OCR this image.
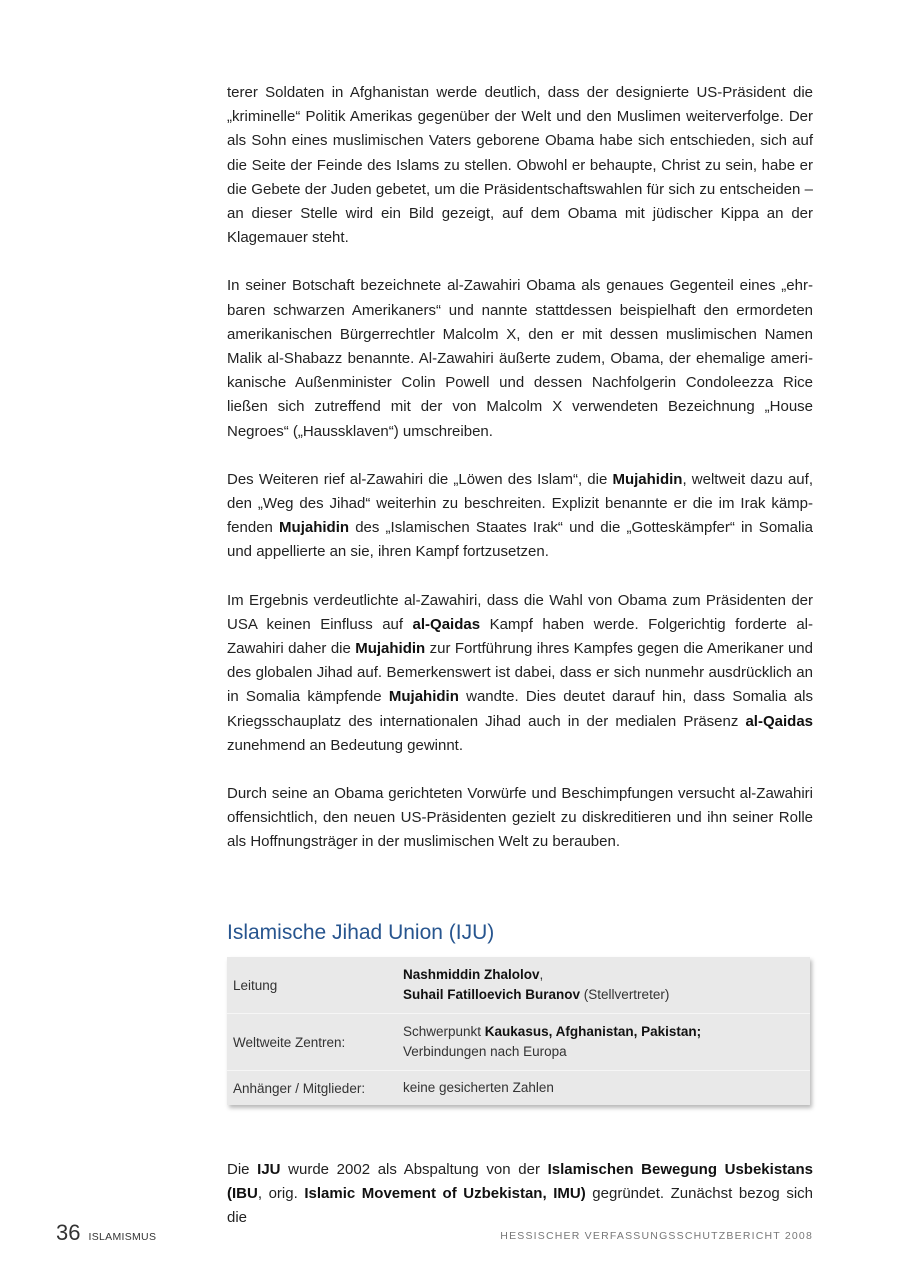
terer Soldaten in Afghanistan werde deutlich, dass der designierte US-Präsident die „kriminelle“ Politik Amerikas gegenüber der Welt und den Muslimen weiterverfolge. Der als Sohn eines muslimischen Vaters geborene Obama habe sich entschieden, sich auf die Seite der Feinde des Islams zu stellen. Obwohl er behaupte, Christ zu sein, habe er die Gebete der Juden gebetet, um die Präsidentschaftswahlen für sich zu entscheiden – an dieser Stelle wird ein Bild gezeigt, auf dem Obama mit jüdischer Kippa an der Klagemauer steht.

In seiner Botschaft bezeichnete al-Zawahiri Obama als genaues Gegenteil eines „ehrbaren schwarzen Amerikaners“ und nannte stattdessen beispielhaft den ermordeten amerikanischen Bürgerrechtler Malcolm X, den er mit dessen muslimischen Namen Malik al-Shabazz benannte. Al-Zawahiri äußerte zudem, Obama, der ehemalige amerikanische Außenminister Colin Powell und dessen Nachfolgerin Condoleezza Rice ließen sich zutreffend mit der von Malcolm X verwendeten Bezeichnung „House Negroes“ („Haussklaven“) umschreiben.

Des Weiteren rief al-Zawahiri die „Löwen des Islam“, die Mujahidin, weltweit dazu auf, den „Weg des Jihad“ weiterhin zu beschreiten. Explizit benannte er die im Irak kämpfenden Mujahidin des „Islamischen Staates Irak“ und die „Gotteskämpfer“ in Somalia und appellierte an sie, ihren Kampf fortzusetzen.

Im Ergebnis verdeutlichte al-Zawahiri, dass die Wahl von Obama zum Präsidenten der USA keinen Einfluss auf al-Qaidas Kampf haben werde. Folgerichtig forderte al-Zawahiri daher die Mujahidin zur Fortführung ihres Kampfes gegen die Amerikaner und des globalen Jihad auf. Bemerkenswert ist dabei, dass er sich nunmehr ausdrücklich an in Somalia kämpfende Mujahidin wandte. Dies deutet darauf hin, dass Somalia als Kriegsschauplatz des internationalen Jihad auch in der medialen Präsenz al-Qaidas zunehmend an Bedeutung gewinnt.

Durch seine an Obama gerichteten Vorwürfe und Beschimpfungen versucht al-Zawahiri offensichtlich, den neuen US-Präsidenten gezielt zu diskreditieren und ihn seiner Rolle als Hoffnungsträger in der muslimischen Welt zu berauben.

Islamische Jihad Union (IJU)
Leitung
Nashmiddin Zhalolov,
Suhail Fatilloevich Buranov (Stellvertreter)
Weltweite Zentren:
Schwerpunkt Kaukasus, Afghanistan, Pakistan;
Verbindungen nach Europa
Anhänger / Mitglieder:	keine gesicherten Zahlen

Die IJU wurde 2002 als Abspaltung von der Islamischen Bewegung Usbekistans (IBU, orig. Islamic Movement of Uzbekistan, IMU) gegründet. Zunächst bezog sich die

36 ISLAMISMUS	HESSISCHER VERFASSUNGSSCHUTZBERICHT 2008
